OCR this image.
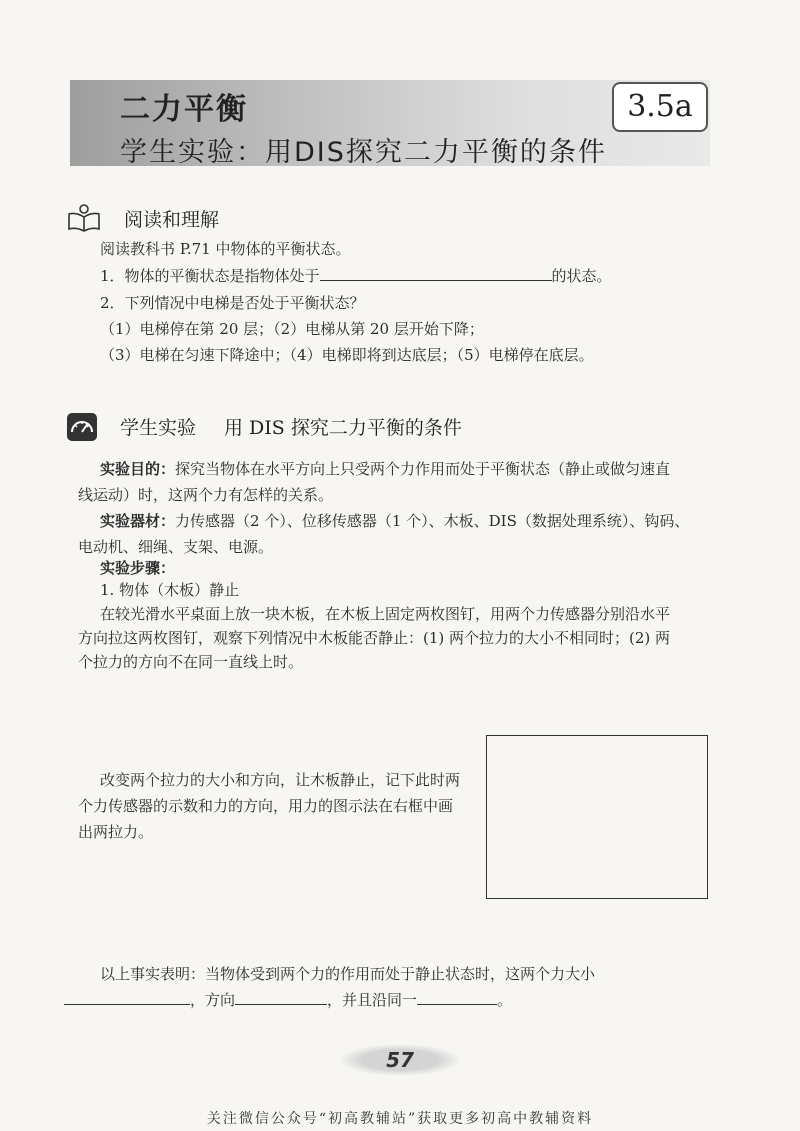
二力平衡
学生实验：用DIS探究二力平衡的条件
3.5a
阅读和理解
阅读教科书 P.71 中物体的平衡状态。
1．物体的平衡状态是指物体处于	的状态。
2．下列情况中电梯是否处于平衡状态？
（1）电梯停在第 20 层；（2）电梯从第 20 层开始下降；
（3）电梯在匀速下降途中；（4）电梯即将到达底层；（5）电梯停在底层。
学生实验 用 DIS 探究二力平衡的条件
实验目的：探究当物体在水平方向上只受两个力作用而处于平衡状态（静止或做匀速直
线运动）时，这两个力有怎样的关系。
实验器材：力传感器（2 个）、位移传感器（1 个）、木板、DIS（数据处理系统）、钩码、
电动机、细绳、支架、电源。
实验步骤：
1. 物体（木板）静止
在较光滑水平桌面上放一块木板，在木板上固定两枚图钉，用两个力传感器分别沿水平
方向拉这两枚图钉，观察下列情况中木板能否静止：(1) 两个拉力的大小不相同时；(2) 两
个拉力的方向不在同一直线上时。
改变两个拉力的大小和方向，让木板静止，记下此时两
个力传感器的示数和力的方向，用力的图示法在右框中画
出两拉力。
以上事实表明：当物体受到两个力的作用而处于静止状态时，这两个力大小
，方向	，并且沿同一	。
57
关注微信公众号“初高教辅站”获取更多初高中教辅资料
